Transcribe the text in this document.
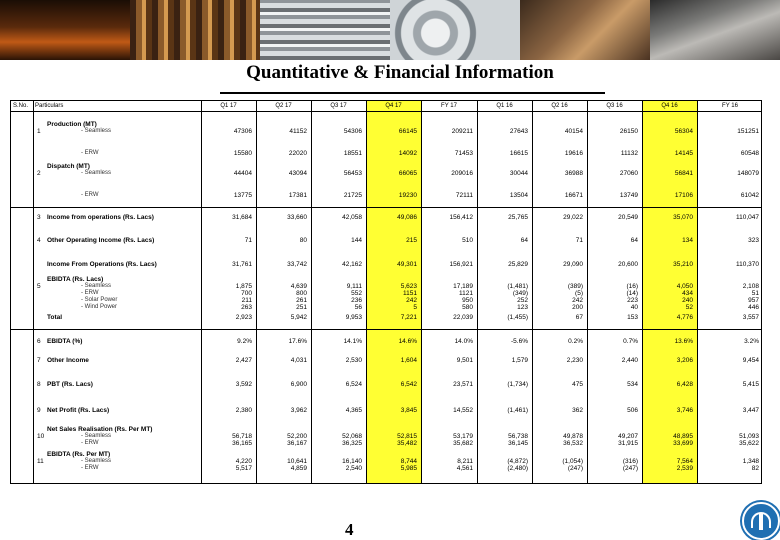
Quantitative & Financial Information
S.No. Particulars	Q1 17	Q2 17	Q3 17	Q4 17	FY 17	Q1 16	Q2 16	Q3 16	Q4 16	FY 16
1
Production (MT)
- Seamless	47306	41152	54306	66145	209211	27643	40154	26150	56304	151251
- ERW	15580	22020	18551	14092	71453	16615	19616	11132	14145	60548
2
Dispatch (MT)
- Seamless	44404	43094	56453	66065	209016	30044	36988	27060	56841	148079
- ERW	13775	17381	21725	19230	72111	13504	16671	13749	17106	61042
3 Income from operations (Rs. Lacs)	31,684	33,660	42,058	49,086	156,412	25,765	29,022	20,549	35,070	110,047
4 Other Operating Income (Rs. Lacs)	71	80	144	215	510	64	71	64	134	323
Income From Operations (Rs. Lacs)	31,761	33,742	42,162	49,301	156,921	25,829	29,090	20,600	35,210	110,370
5
EBIDTA (Rs. Lacs)
- Seamless	1,875	4,639	9,111	5,623	17,189	(1,481)	(389)	(16)	4,050	2,108
- ERW	700	800	552	1151	1121	(349)	(5)	(14)	434	51
- Solar Power	211	261	236	242	950	252	242	223	240	957
- Wind Power	263	251	56	5	580	123	200	40	52	446
Total	2,923	5,942	9,953	7,221	22,039	(1,455)	67	153	4,776	3,557
6 EBIDTA (%)	9.2%	17.6%	14.1%	14.6%	14.0%	-5.6%	0.2%	0.7%	13.6%	3.2%
7 Other Income	2,427	4,031	2,530	1,604	9,501	1,579	2,230	2,440	3,206	9,454
8 PBT (Rs. Lacs)	3,592	6,900	6,524	6,542	23,571	(1,734)	475	534	6,428	5,415
9 Net Profit (Rs. Lacs)	2,380	3,962	4,365	3,845	14,552	(1,461)	362	506	3,746	3,447
10
Net Sales Realisation (Rs. Per MT)
- Seamless	56,718	52,200	52,068	52,815	53,179	56,738	49,878	49,207	48,895	51,093
- ERW	36,165	36,167	36,325	35,482	35,682	36,145	36,532	31,915	33,699	35,622
11
EBIDTA (Rs. Per MT)
- Seamless	4,220	10,641	16,140	8,744	8,211	(4,872)	(1,054)	(316)	7,564	1,348
- ERW	5,517	4,859	2,540	5,985	4,561	(2,480)	(247)	(247)	2,539	82
4
